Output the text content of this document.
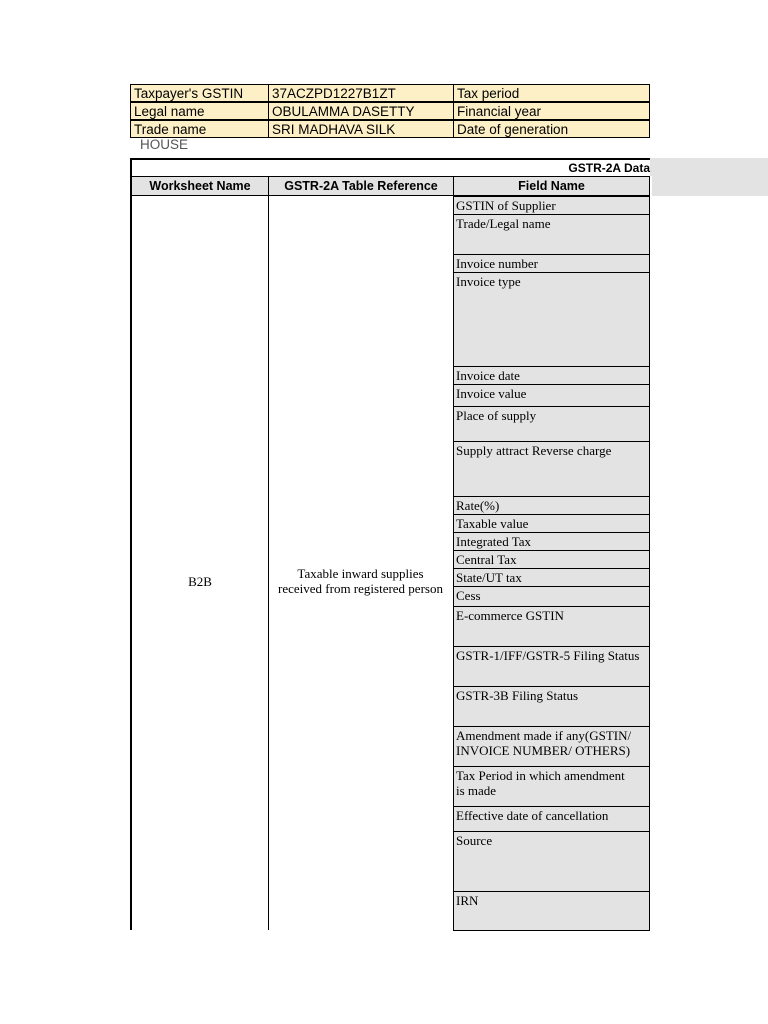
Taxpayer's GSTIN	37ACZPD1227B1ZT	Tax period
Legal name	OBULAMMA DASETTY	Financial year
Trade name	SRI MADHAVA SILK	Date of generation
HOUSE
GSTR-2A Data
Worksheet Name	GSTR-2A Table Reference	Field Name
B2B
Taxable inward supplies
received from registered person
GSTIN of Supplier
Trade/Legal name
Invoice number
Invoice type
Invoice date
Invoice value
Place of supply
Supply attract Reverse charge
Rate(%)
Taxable value
Integrated Tax
Central Tax
State/UT tax
Cess
E-commerce GSTIN
GSTR-1/IFF/GSTR-5 Filing Status
GSTR-3B Filing Status
Amendment made if any(GSTIN/
INVOICE NUMBER/ OTHERS)
Tax Period in which amendment
is made
Effective date of cancellation
Source
IRN
